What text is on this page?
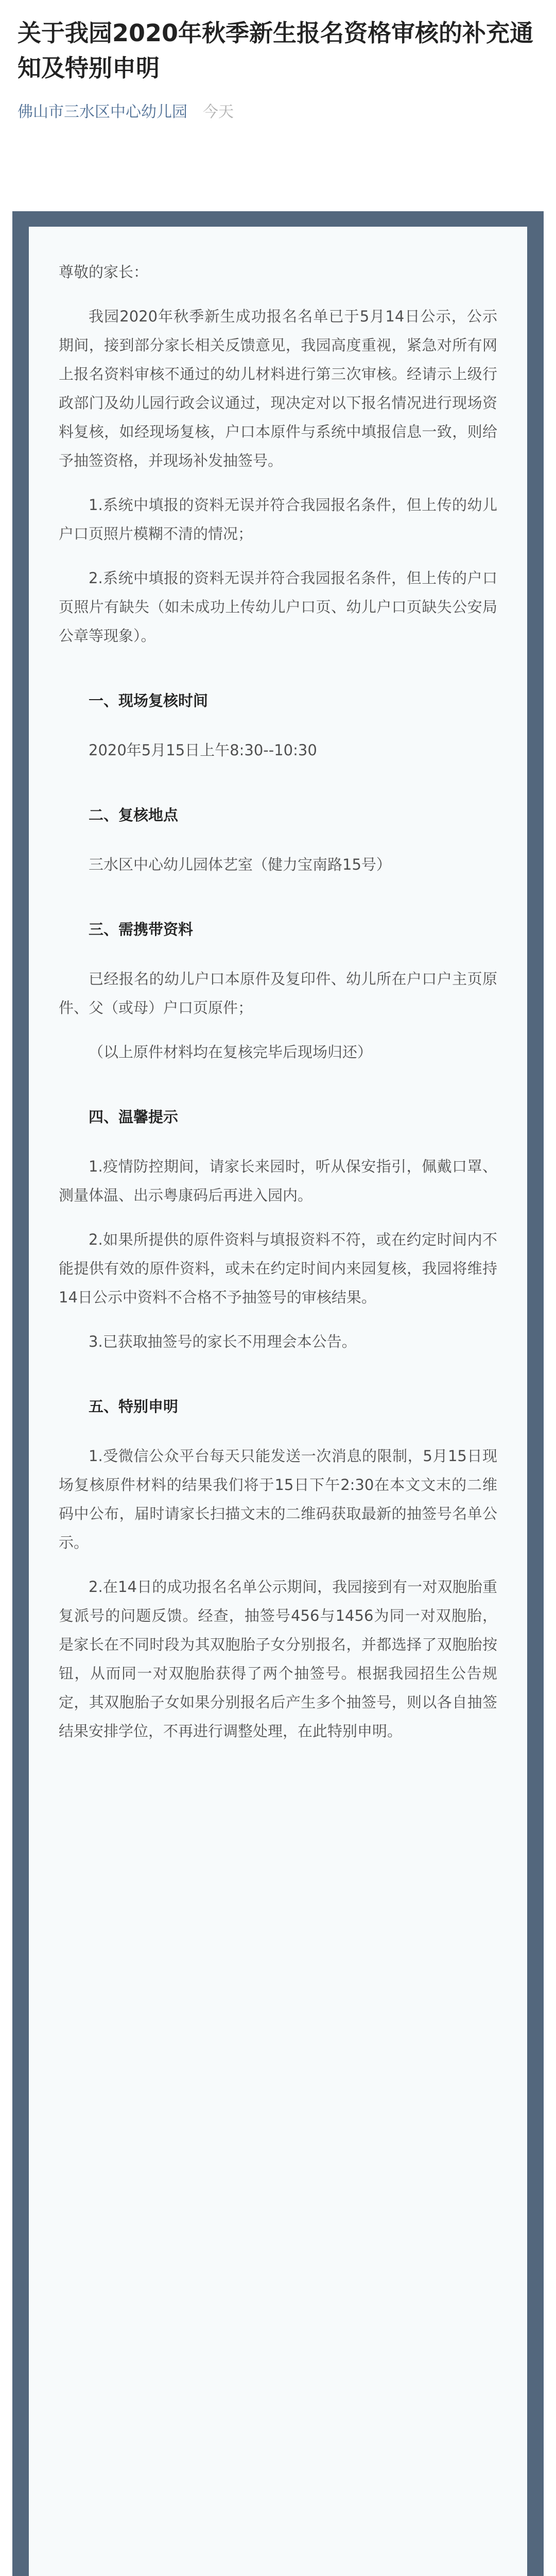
关于我园2020年秋季新生报名资格审核的补充通知及特别申明
佛山市三水区中心幼儿园 今天

尊敬的家长：

我园2020年秋季新生成功报名名单已于5月14日公示，公示期间，接到部分家长相关反馈意见，我园高度重视，紧急对所有网上报名资料审核不通过的幼儿材料进行第三次审核。经请示上级行政部门及幼儿园行政会议通过，现决定对以下报名情况进行现场资料复核，如经现场复核，户口本原件与系统中填报信息一致，则给予抽签资格，并现场补发抽签号。

1.系统中填报的资料无误并符合我园报名条件，但上传的幼儿户口页照片模糊不清的情况；

2.系统中填报的资料无误并符合我园报名条件，但上传的户口页照片有缺失（如未成功上传幼儿户口页、幼儿户口页缺失公安局公章等现象）。

一、现场复核时间

2020年5月15日上午8:30--10:30

二、复核地点

三水区中心幼儿园体艺室（健力宝南路15号）

三、需携带资料

已经报名的幼儿户口本原件及复印件、幼儿所在户口户主页原件、父（或母）户口页原件；

（以上原件材料均在复核完毕后现场归还）

四、温馨提示

1.疫情防控期间，请家长来园时，听从保安指引，佩戴口罩、测量体温、出示粤康码后再进入园内。

2.如果所提供的原件资料与填报资料不符，或在约定时间内不能提供有效的原件资料，或未在约定时间内来园复核，我园将维持14日公示中资料不合格不予抽签号的审核结果。

3.已获取抽签号的家长不用理会本公告。

五、特别申明

1.受微信公众平台每天只能发送一次消息的限制，5月15日现场复核原件材料的结果我们将于15日下午2:30在本文文末的二维码中公布，届时请家长扫描文末的二维码获取最新的抽签号名单公示。

2.在14日的成功报名名单公示期间，我园接到有一对双胞胎重复派号的问题反馈。经查，抽签号456与1456为同一对双胞胎，是家长在不同时段为其双胞胎子女分别报名，并都选择了双胞胎按钮，从而同一对双胞胎获得了两个抽签号。根据我园招生公告规定，其双胞胎子女如果分别报名后产生多个抽签号，则以各自抽签结果安排学位，不再进行调整处理，在此特别申明。
